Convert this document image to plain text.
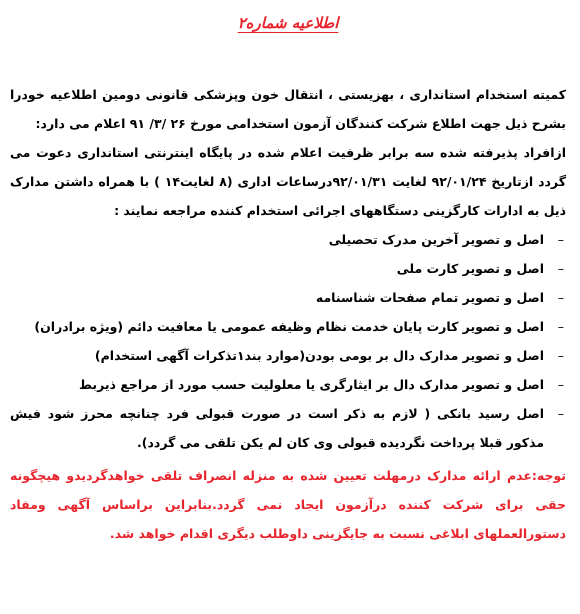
اطلاعیه شماره۲
کمیته استخدام استانداری ، بهزیستی ، انتقال خون وپزشکی قانونی دومین اطلاعیه خودرا بشرح ذیل جهت اطلاع شرکت کنندگان آزمون استخدامی مورخ ۲۶ /۳/ ۹۱ اعلام می دارد:
ازافراد پذیرفته شده سه برابر ظرفیت اعلام شده در پایگاه اینترنتی استانداری دعوت می گردد ازتاریخ ۹۲/۰۱/۲۴ لغایت ۹۲/۰۱/۳۱درساعات اداری (۸ لغایت۱۴ ) با همراه داشتن مدارک ذیل به ادارات کارگزینی دستگاههای اجرائی استخدام کننده مراجعه نمایند :
–
اصل و تصویر آخرین مدرک تحصیلی
–
اصل و تصویر کارت ملی
–
اصل و تصویر تمام صفحات شناسنامه
–
اصل و تصویر کارت پایان خدمت نظام وظیفه عمومی یا معافیت دائم (ویژه برادران)
–
اصل و تصویر مدارک دال بر بومی بودن(موارد بند۱تذکرات آگهی استخدام)
–
اصل و تصویر مدارک دال بر ایثارگری یا معلولیت حسب مورد از مراجع ذیربط
–
اصل رسید بانکی ( لازم به ذکر است در صورت قبولی فرد چنانچه محرز شود فیش مذکور قبلا پرداخت نگردیده قبولی وی کان لم یکن تلقی می گردد).
توجه:عدم ارائه مدارک درمهلت تعیین شده به منزله انصراف تلقی خواهدگردیدو هیچگونه حقی برای شرکت کننده درآزمون ایجاد نمی گردد.بنابراین براساس آگهی ومفاد دستورالعملهای ابلاغی نسبت به جایگزینی داوطلب دیگری اقدام خواهد شد.
